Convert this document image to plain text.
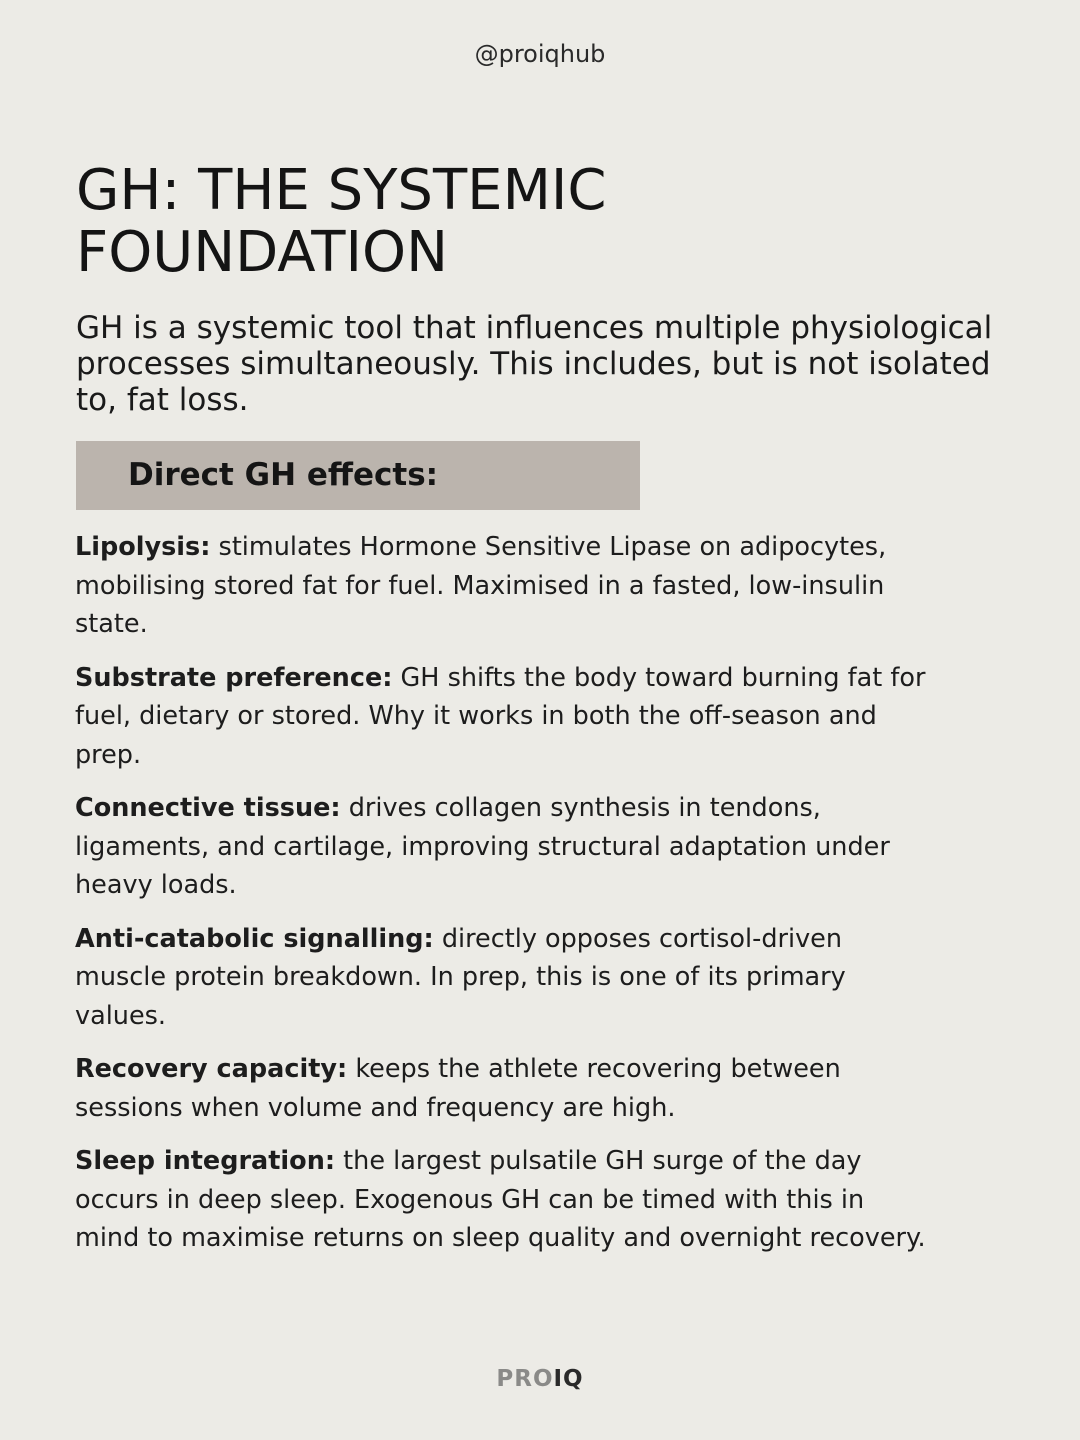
@proiqhub
GH: THE SYSTEMIC FOUNDATION

GH is a systemic tool that influences multiple physiological processes simultaneously. This includes, but is not isolated to, fat loss.

Direct GH effects:

Lipolysis: stimulates Hormone Sensitive Lipase on adipocytes, mobilising stored fat for fuel. Maximised in a fasted, low-insulin state.

Substrate preference: GH shifts the body toward burning fat for fuel, dietary or stored. Why it works in both the off-season and prep.

Connective tissue: drives collagen synthesis in tendons, ligaments, and cartilage, improving structural adaptation under heavy loads.

Anti-catabolic signalling: directly opposes cortisol-driven muscle protein breakdown. In prep, this is one of its primary values.

Recovery capacity: keeps the athlete recovering between sessions when volume and frequency are high.

Sleep integration: the largest pulsatile GH surge of the day occurs in deep sleep. Exogenous GH can be timed with this in mind to maximise returns on sleep quality and overnight recovery.

PROIQ
